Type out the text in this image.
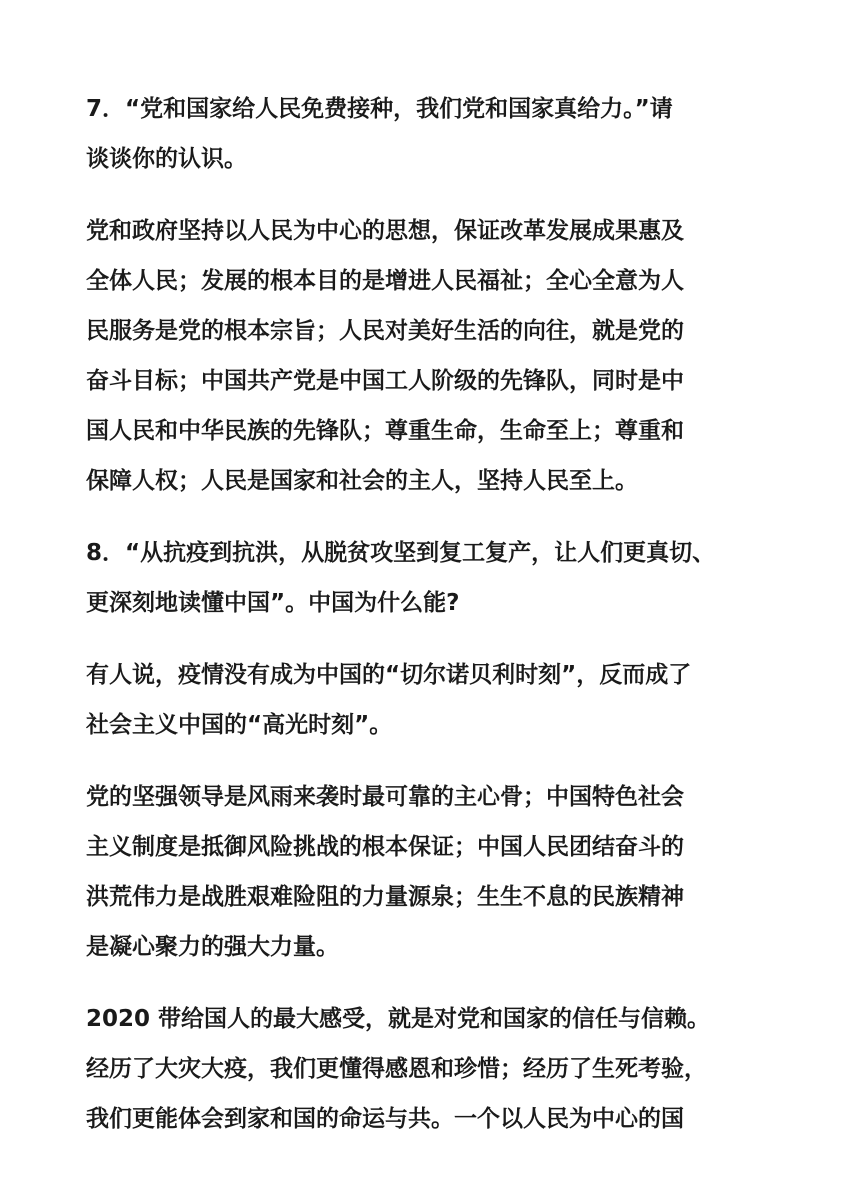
7．“党和国家给人民免费接种，我们党和国家真给力。”请
谈谈你的认识。
党和政府坚持以人民为中心的思想，保证改革发展成果惠及
全体人民；发展的根本目的是增进人民福祉；全心全意为人
民服务是党的根本宗旨；人民对美好生活的向往，就是党的
奋斗目标；中国共产党是中国工人阶级的先锋队，同时是中
国人民和中华民族的先锋队；尊重生命，生命至上；尊重和
保障人权；人民是国家和社会的主人，坚持人民至上。
8．“从抗疫到抗洪，从脱贫攻坚到复工复产，让人们更真切、
更深刻地读懂中国”。中国为什么能?
有人说，疫情没有成为中国的“切尔诺贝利时刻”，反而成了
社会主义中国的“高光时刻”。
党的坚强领导是风雨来袭时最可靠的主心骨；中国特色社会
主义制度是抵御风险挑战的根本保证；中国人民团结奋斗的
洪荒伟力是战胜艰难险阻的力量源泉；生生不息的民族精神
是凝心聚力的强大力量。
2020 带给国人的最大感受，就是对党和国家的信任与信赖。
经历了大灾大疫，我们更懂得感恩和珍惜；经历了生死考验，
我们更能体会到家和国的命运与共。一个以人民为中心的国
